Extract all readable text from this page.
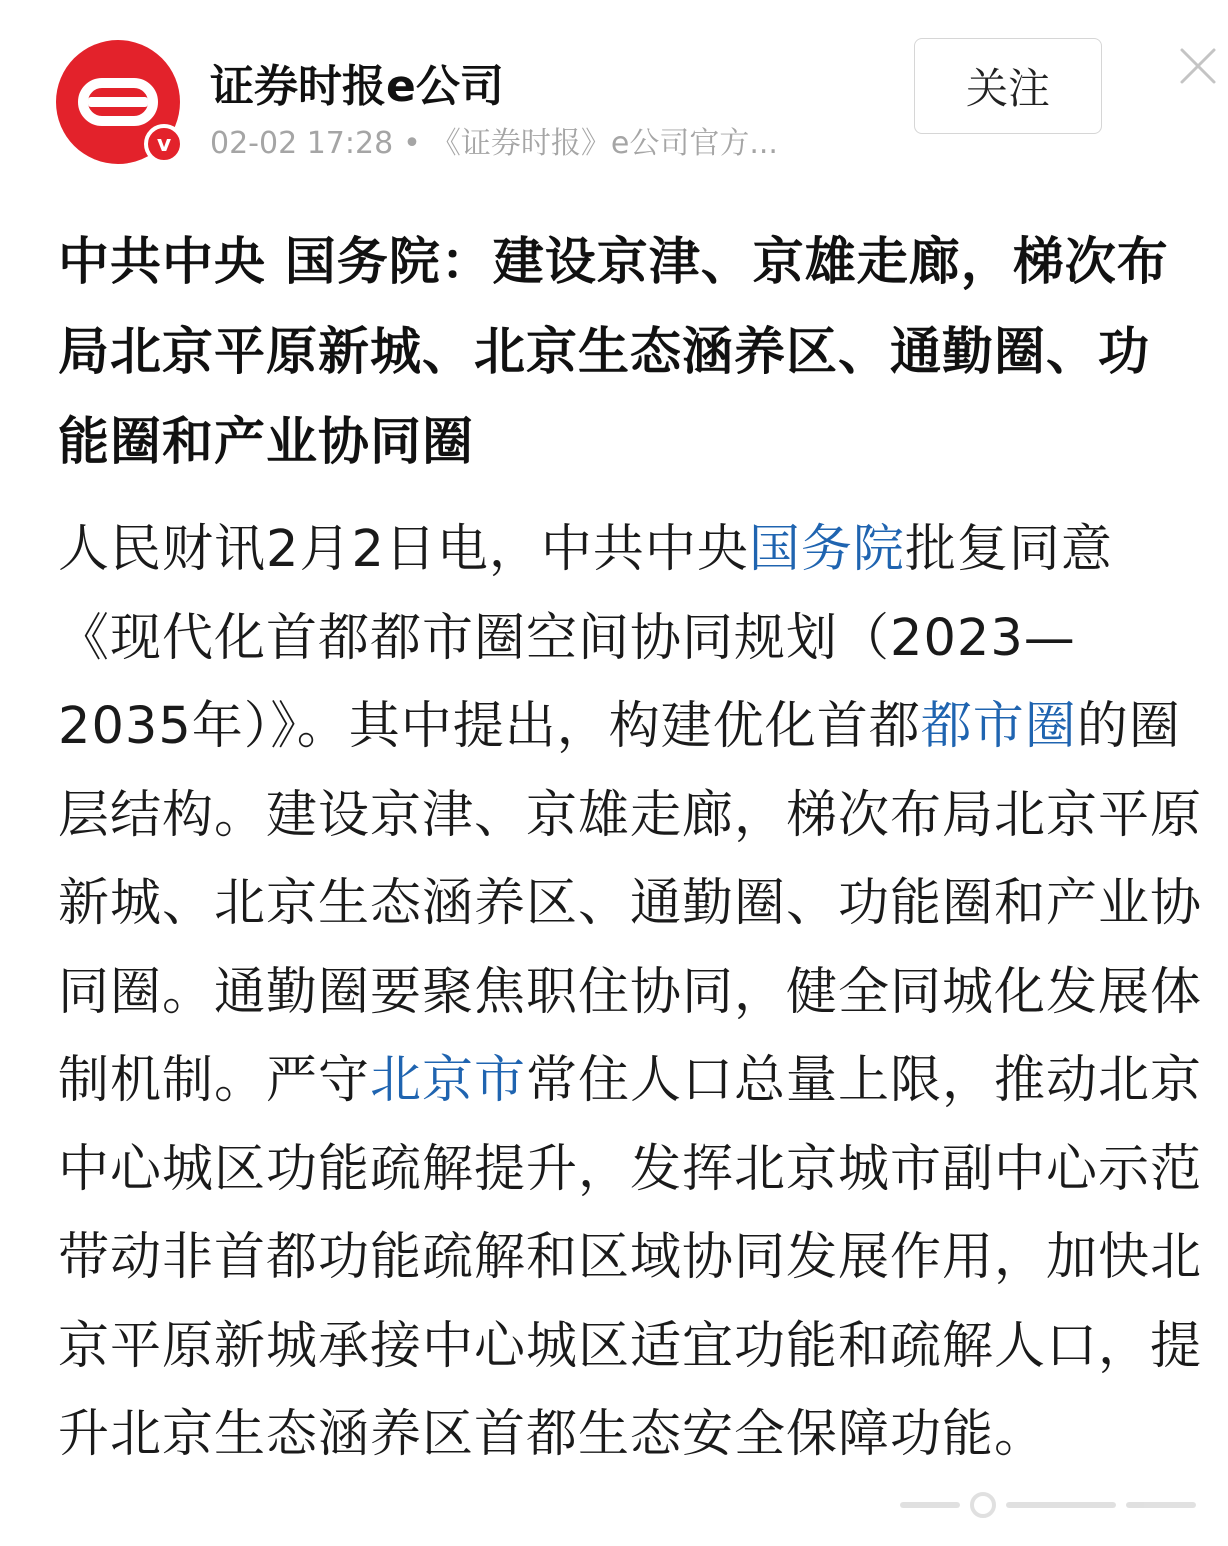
v
证券时报e公司
02-02 17:28 • 《证券时报》e公司官方...
关注
中共中央 国务院：建设京津、京雄走廊，梯次布局北京平原新城、北京生态涵养区、通勤圈、功能圈和产业协同圈
人民财讯2月2日电，中共中央国务院批复同意《现代化首都都市圈空间协同规划（2023—2035年）》。其中提出，构建优化首都都市圈的圈层结构。建设京津、京雄走廊，梯次布局北京平原新城、北京生态涵养区、通勤圈、功能圈和产业协同圈。通勤圈要聚焦职住协同，健全同城化发展体制机制。严守北京市常住人口总量上限，推动北京中心城区功能疏解提升，发挥北京城市副中心示范带动非首都功能疏解和区域协同发展作用，加快北京平原新城承接中心城区适宜功能和疏解人口，提升北京生态涵养区首都生态安全保障功能。
